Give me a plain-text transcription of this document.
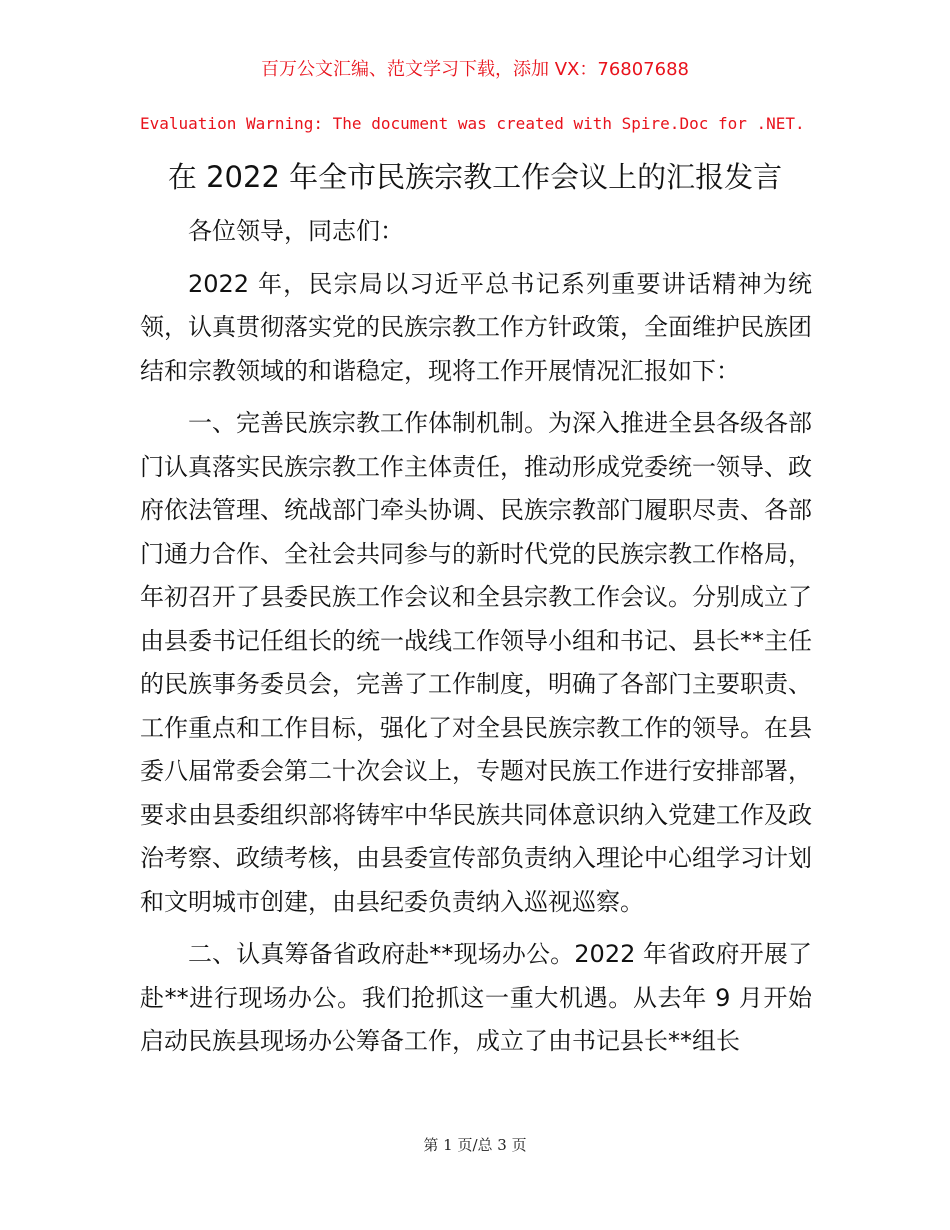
百万公文汇编、范文学习下载，添加 VX：76807688
Evaluation Warning: The document was created with Spire.Doc for .NET.
在 2022 年全市民族宗教工作会议上的汇报发言

各位领导，同志们：

2022 年，民宗局以习近平总书记系列重要讲话精神为统领，认真贯彻落实党的民族宗教工作方针政策，全面维护民族团结和宗教领域的和谐稳定，现将工作开展情况汇报如下：

一、完善民族宗教工作体制机制。为深入推进全县各级各部门认真落实民族宗教工作主体责任，推动形成党委统一领导、政府依法管理、统战部门牵头协调、民族宗教部门履职尽责、各部门通力合作、全社会共同参与的新时代党的民族宗教工作格局，年初召开了县委民族工作会议和全县宗教工作会议。分别成立了由县委书记任组长的统一战线工作领导小组和书记、县长**主任的民族事务委员会，完善了工作制度，明确了各部门主要职责、工作重点和工作目标，强化了对全县民族宗教工作的领导。在县委八届常委会第二十次会议上，专题对民族工作进行安排部署，要求由县委组织部将铸牢中华民族共同体意识纳入党建工作及政治考察、政绩考核，由县委宣传部负责纳入理论中心组学习计划和文明城市创建，由县纪委负责纳入巡视巡察。

二、认真筹备省政府赴**现场办公。2022 年省政府开展了赴**进行现场办公。我们抢抓这一重大机遇。从去年 9 月开始启动民族县现场办公筹备工作，成立了由书记县长**组长

第 1 页/总 3 页
